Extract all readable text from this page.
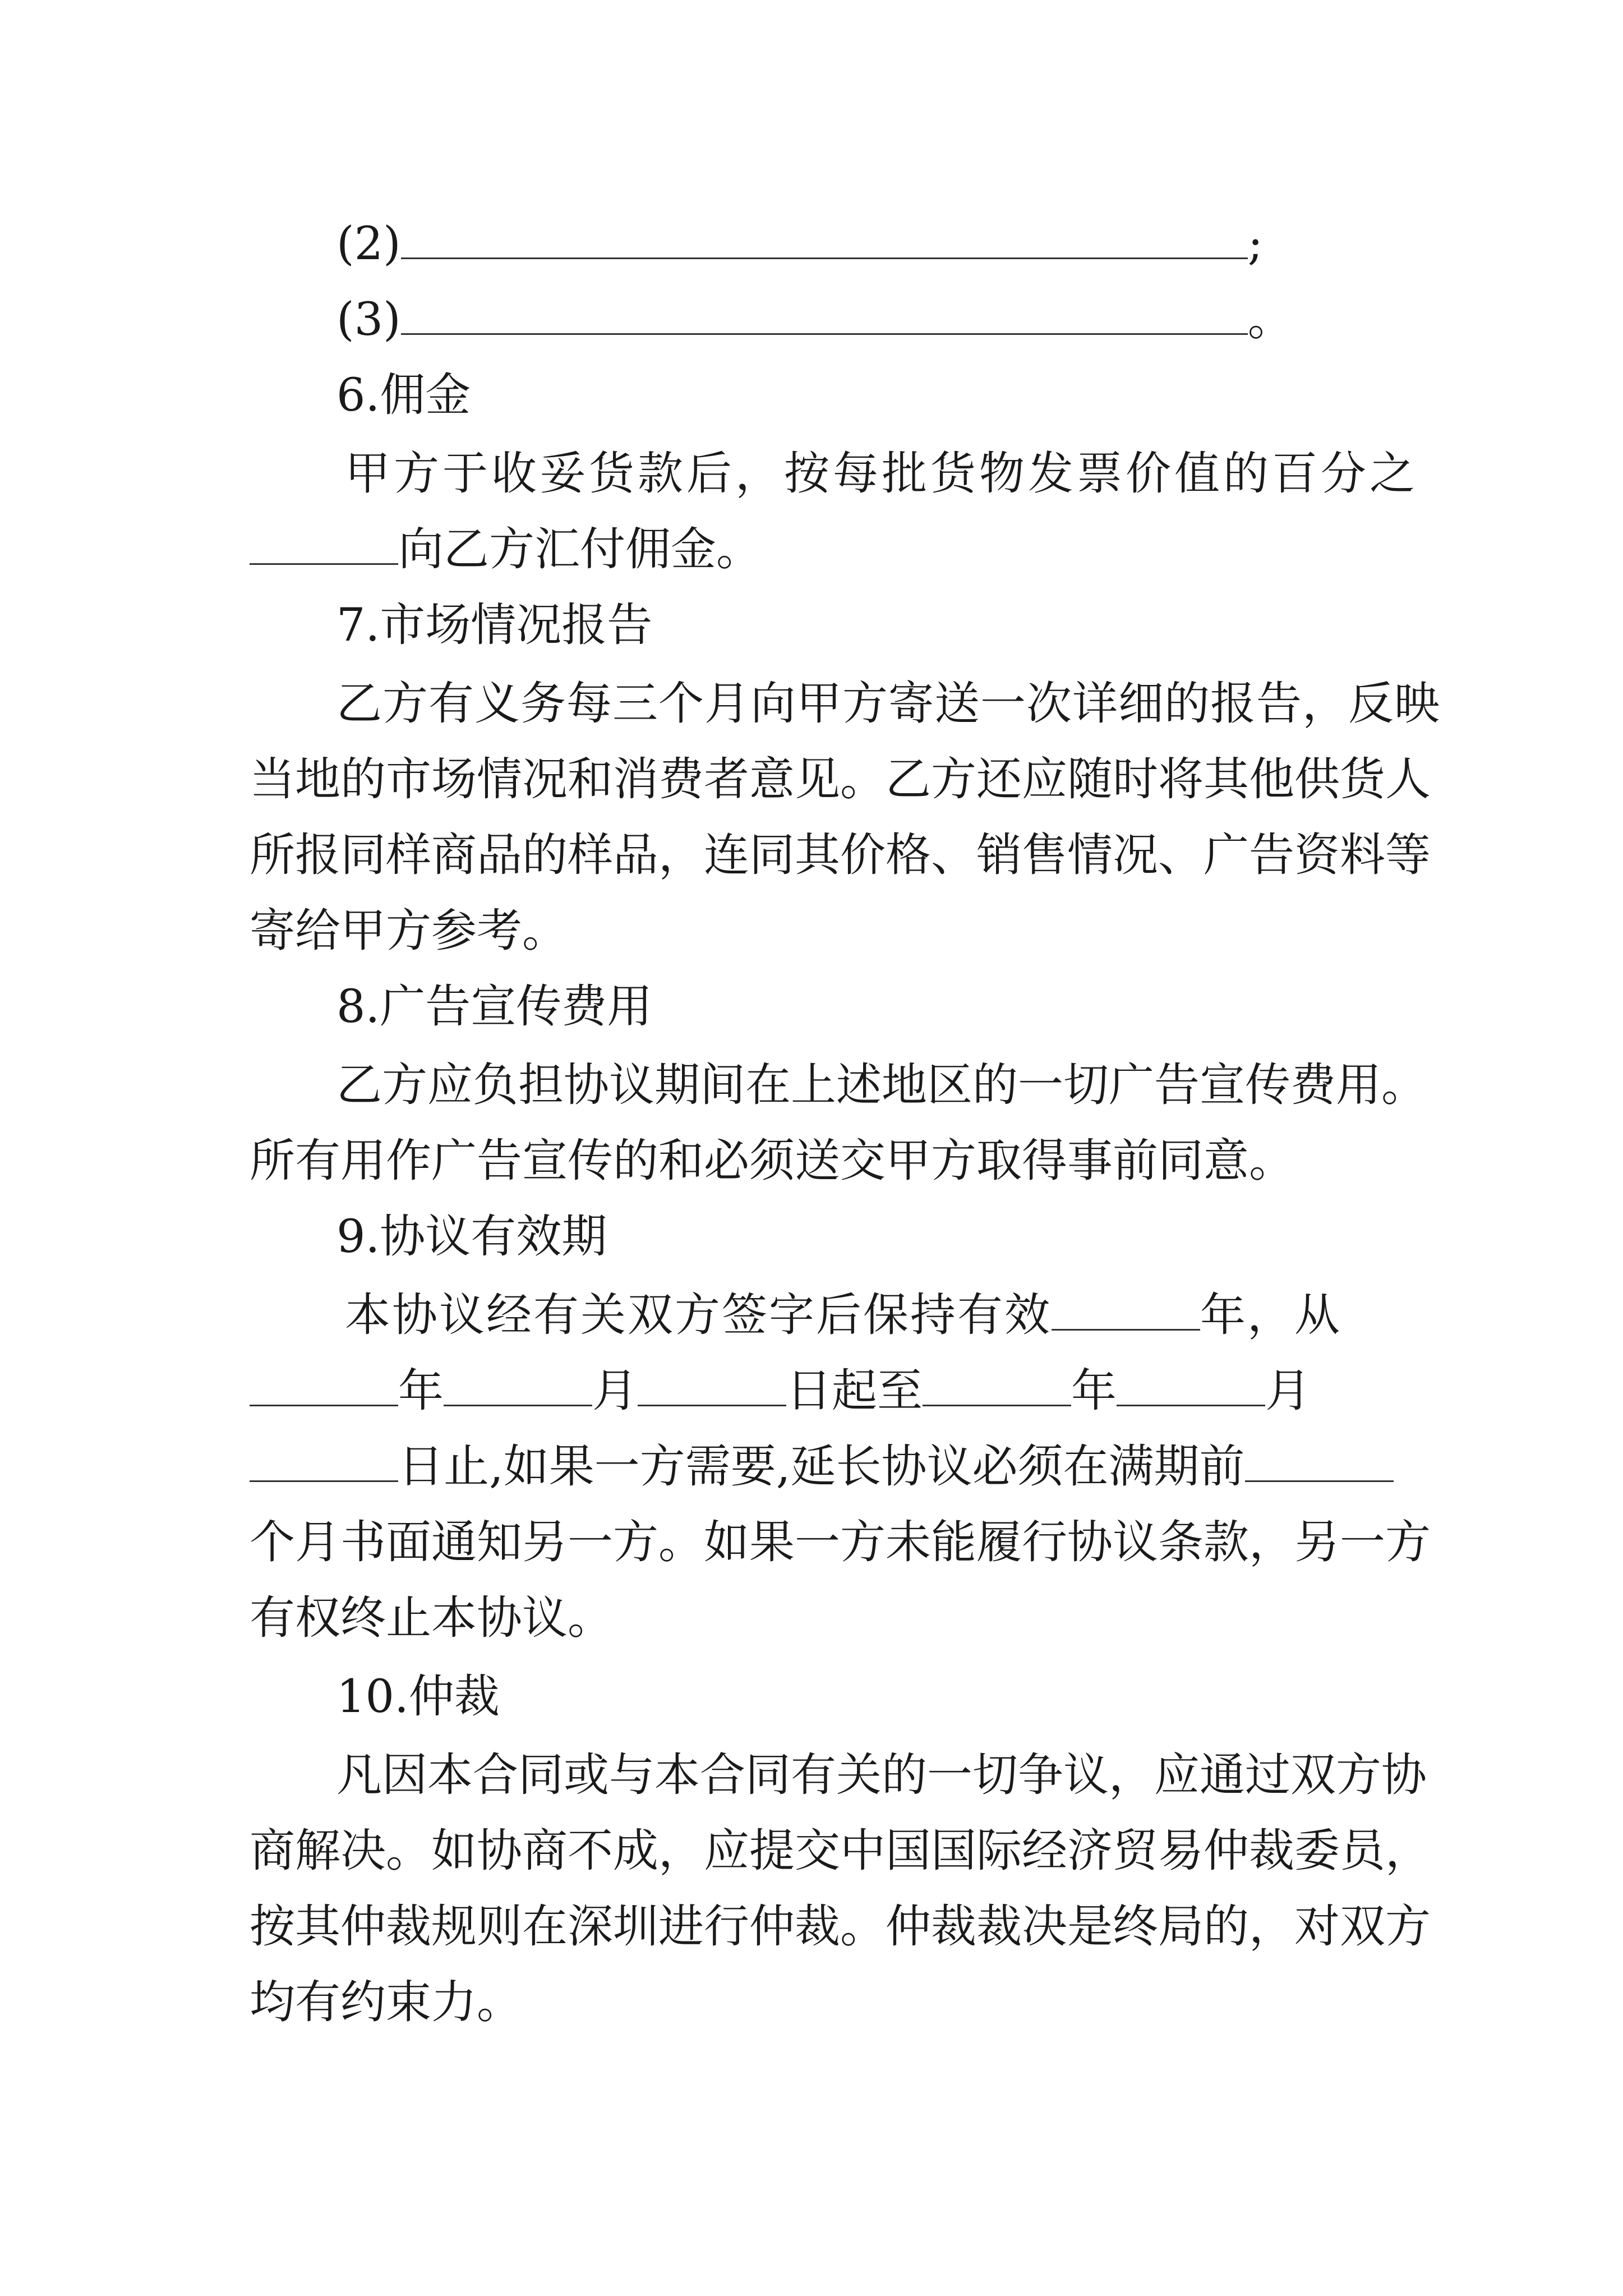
(2)	;
(3)	。
6.佣金
甲方于收妥货款后，按每批货物发票价值的百分之
向乙方汇付佣金。
7.市场情况报告
乙方有义务每三个月向甲方寄送一次详细的报告，反映
当地的市场情况和消费者意见。乙方还应随时将其他供货人
所报同样商品的样品，连同其价格、销售情况、广告资料等
寄给甲方参考。
8.广告宣传费用
乙方应负担协议期间在上述地区的一切广告宣传费用。
所有用作广告宣传的和必须送交甲方取得事前同意。
9.协议有效期
本协议经有关双方签字后保持有效	年，从
年	月	日起至	年	月
日止,如果一方需要,延长协议必须在满期前
个月书面通知另一方。如果一方未能履行协议条款，另一方
有权终止本协议。
10.仲裁
凡因本合同或与本合同有关的一切争议，应通过双方协
商解决。如协商不成，应提交中国国际经济贸易仲裁委员，
按其仲裁规则在深圳进行仲裁。仲裁裁决是终局的，对双方
均有约束力。
